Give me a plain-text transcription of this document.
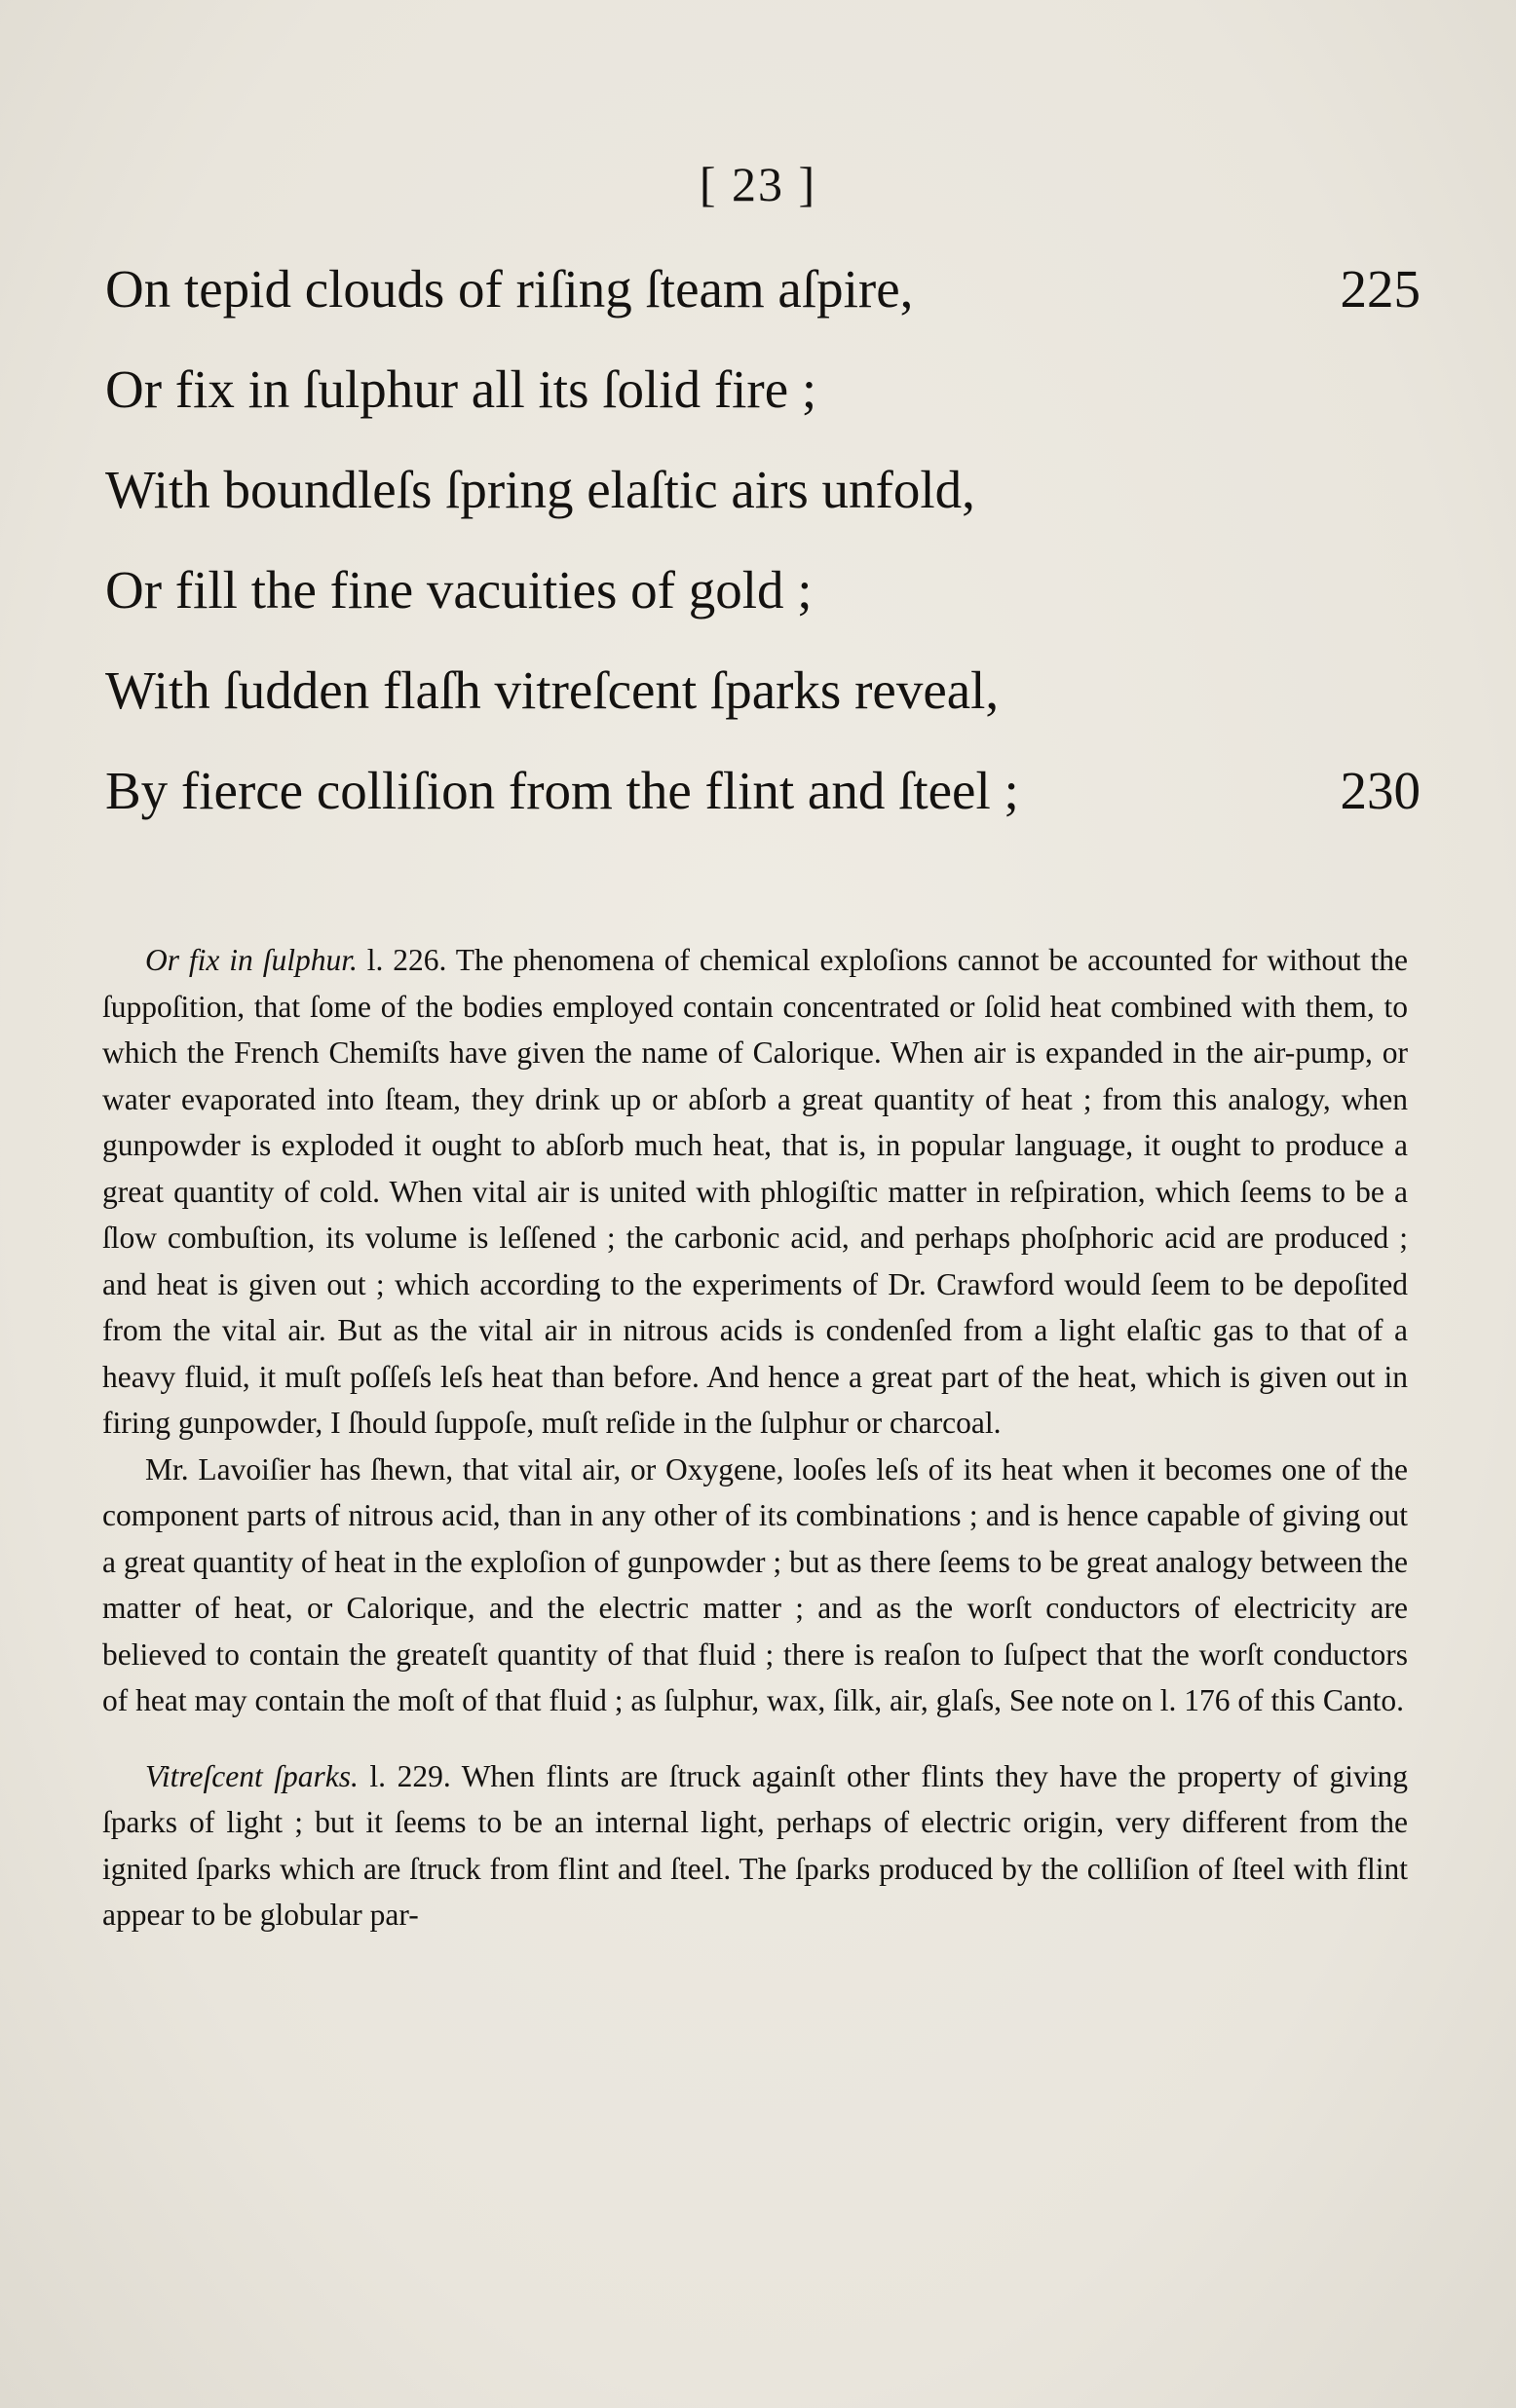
[ 23 ]
On tepid clouds of riſing ſteam aſpire,	225
Or fix in ſulphur all its ſolid fire ;
With boundleſs ſpring elaſtic airs unfold,
Or fill the fine vacuities of gold ;
With ſudden flaſh vitreſcent ſparks reveal,
By fierce colliſion from the flint and ſteel ;	230

Or fix in ſulphur. l. 226. The phenomena of chemical exploſions cannot be accounted for without the ſuppoſition, that ſome of the bodies employed contain concentrated or ſolid heat combined with them, to which the French Chemiſts have given the name of Calorique. When air is expanded in the air-pump, or water evaporated into ſteam, they drink up or abſorb a great quantity of heat ; from this analogy, when gunpowder is exploded it ought to abſorb much heat, that is, in popular language, it ought to produce a great quantity of cold. When vital air is united with phlogiſtic matter in reſpiration, which ſeems to be a ſlow combuſtion, its volume is leſſened ; the carbonic acid, and perhaps phoſphoric acid are produced ; and heat is given out ; which according to the experiments of Dr. Crawford would ſeem to be depoſited from the vital air. But as the vital air in nitrous acids is condenſed from a light elaſtic gas to that of a heavy fluid, it muſt poſſeſs leſs heat than before. And hence a great part of the heat, which is given out in firing gunpowder, I ſhould ſuppoſe, muſt reſide in the ſulphur or charcoal.

Mr. Lavoiſier has ſhewn, that vital air, or Oxygene, looſes leſs of its heat when it becomes one of the component parts of nitrous acid, than in any other of its combinations ; and is hence capable of giving out a great quantity of heat in the exploſion of gunpowder ; but as there ſeems to be great analogy between the matter of heat, or Calorique, and the electric matter ; and as the worſt conductors of electricity are believed to contain the greateſt quantity of that fluid ; there is reaſon to ſuſpect that the worſt conductors of heat may contain the moſt of that fluid ; as ſulphur, wax, ſilk, air, glaſs, See note on l. 176 of this Canto.

Vitreſcent ſparks. l. 229. When flints are ſtruck againſt other flints they have the property of giving ſparks of light ; but it ſeems to be an internal light, perhaps of electric origin, very different from the ignited ſparks which are ſtruck from flint and ſteel. The ſparks produced by the colliſion of ſteel with flint appear to be globular par-
